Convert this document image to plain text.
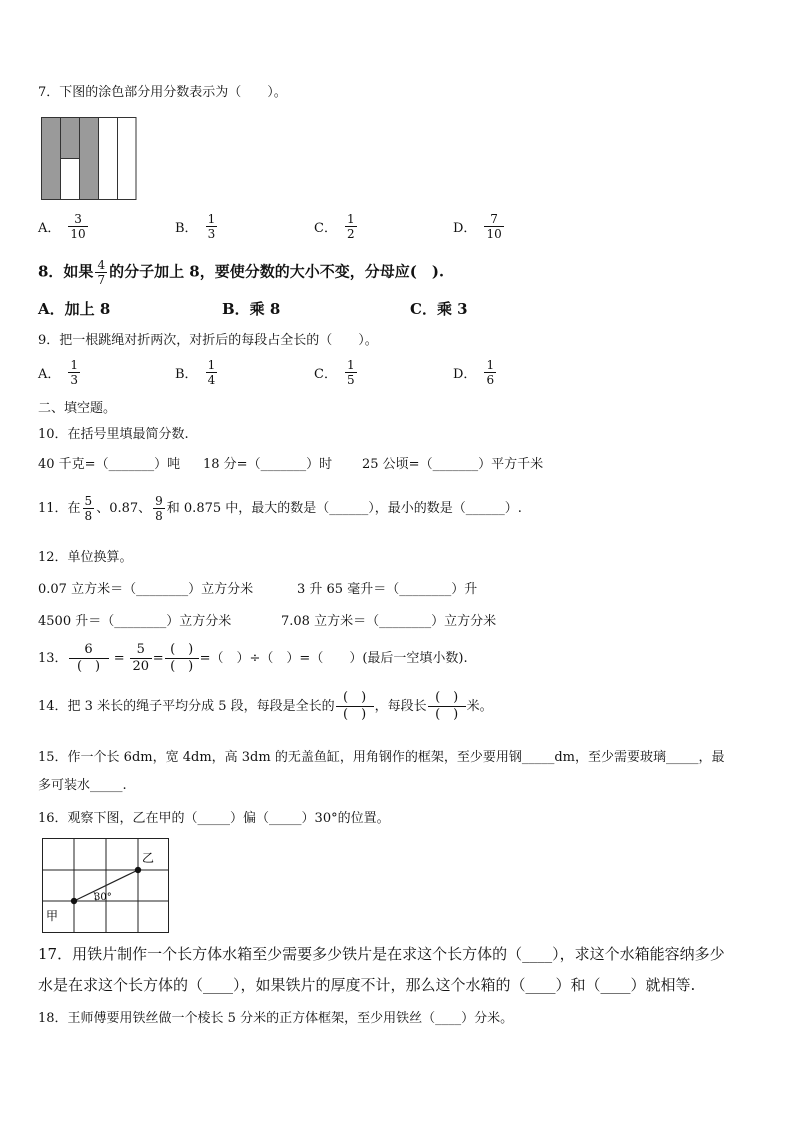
7．下图的涂色部分用分数表示为（　　）。
A． $\frac{3}{10}$	B． $\frac{1}{3}$	C． $\frac{1}{2}$	D． $\frac{7}{10}$
8．如果 $\frac{4}{7}$ 的分子加上 8，要使分数的大小不变，分母应(　).
A．加上 8	B．乘 8	C．乘 3
9．把一根跳绳对折两次，对折后的每段占全长的（　　）。
A． $\frac{1}{3}$	B． $\frac{1}{4}$	C． $\frac{1}{5}$	D． $\frac{1}{6}$
二、填空题。
10．在括号里填最简分数.
40 千克=（_______）吨 18 分=（_______）时 25 公顷=（_______）平方千米
11．在 $\frac{5}{8}$ 、0.87、 $\frac{9}{8}$ 和 0.875 中，最大的数是（______），最小的数是（______）.
12．单位换算。
0.07 立方米＝（________）立方分米	3 升 65 毫升＝（________）升
4500 升＝（________）立方分米	7.08 立方米＝（________）立方分米
13． $\frac{6}{( )} = \frac{5}{20} = \frac{( )}{( )}$ =（　）÷（　）=（　　）(最后一空填小数).
14．把 3 米长的绳子平均分成 5 段，每段是全长的 $\frac{( )}{( )}$ ，每段长 $\frac{( )}{( )}$ 米。
15．作一个长 6dm，宽 4dm，高 3dm 的无盖鱼缸，用角钢作的框架，至少要用钢_____dm，至少需要玻璃_____，最
多可装水_____.
16．观察下图，乙在甲的（_____）偏（_____）30°的位置。
甲
乙
30°
17．用铁片制作一个长方体水箱至少需要多少铁片是在求这个长方体的（____），求这个水箱能容纳多少
水是在求这个长方体的（____），如果铁片的厚度不计，那么这个水箱的（____）和（____）就相等.
18．王师傅要用铁丝做一个棱长 5 分米的正方体框架，至少用铁丝（____）分米。
